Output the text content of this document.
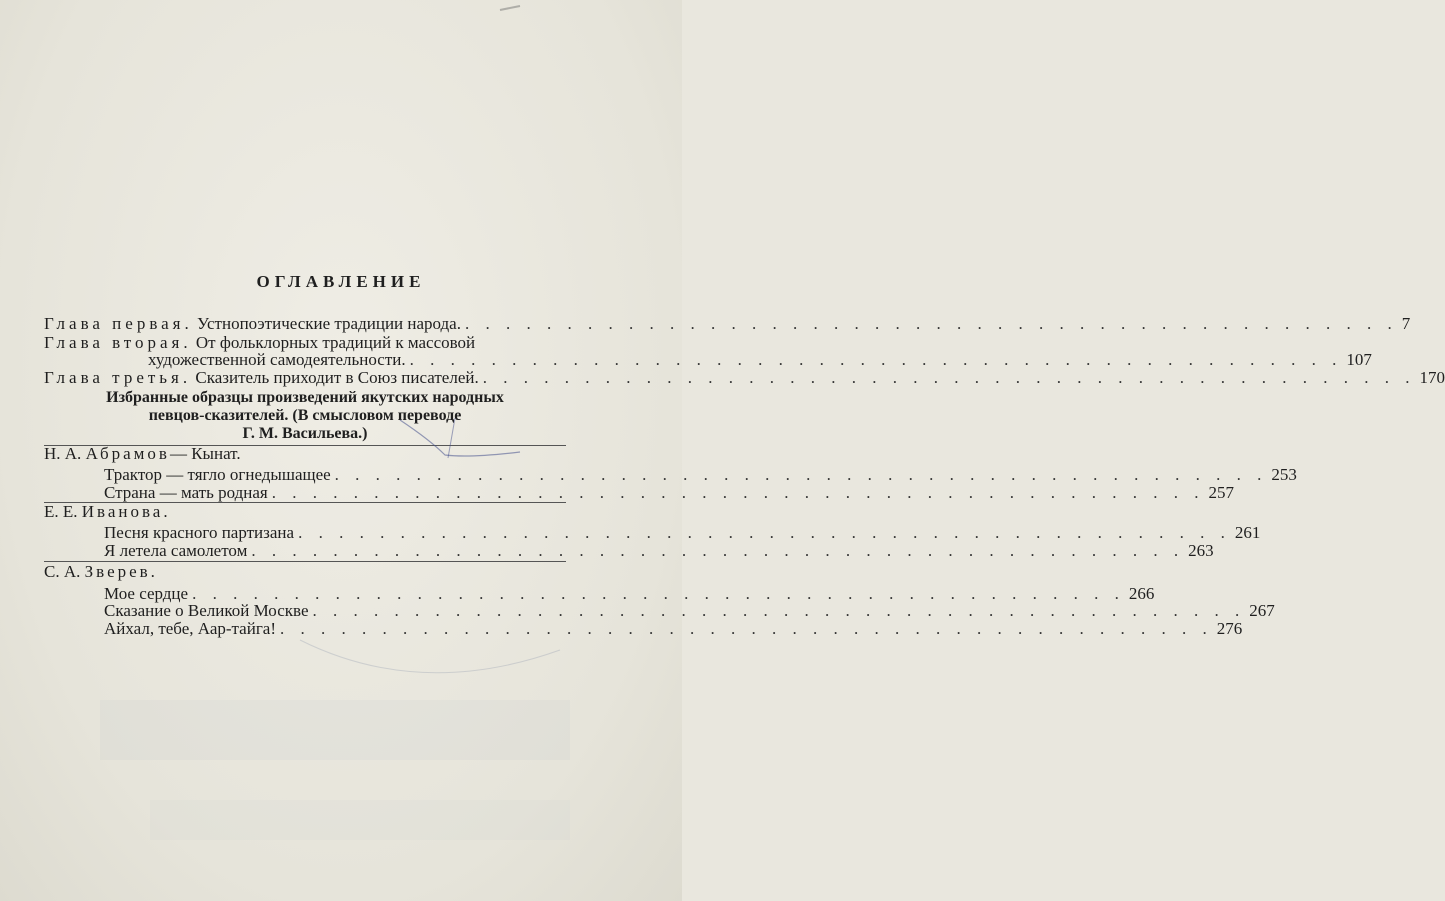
ОГЛАВЛЕНИЕ
Глава первая. Устнопоэтические традиции народа. . . . . . . . . . . . . . . . . . . . . . . . . . . . . . . . . . . . . . . . . . . . . . . 7
Глава вторая. От фольклорных традиций к массовой
художественной самодеятельности. . . . . . . . . . . . . . . . . . . . . . . . . . . . . . . . . . . . . . . . . . . . . . . 107
Глава третья. Сказитель приходит в Союз писателей. . . . . . . . . . . . . . . . . . . . . . . . . . . . . . . . . . . . . . . . . . . . . . . 170
Избранные образцы произведений якутских народных
певцов-сказителей. (В смысловом переводе
Г. М. Васильева.)
Н. А. Абрамов— Кынат.
Трактор — тягло огнедышащее . . . . . . . . . . . . . . . . . . . . . . . . . . . . . . . . . . . . . . . . . . . . . . 253
Страна — мать родная . . . . . . . . . . . . . . . . . . . . . . . . . . . . . . . . . . . . . . . . . . . . . . 257
Е. Е. Иванова.
Песня красного партизана . . . . . . . . . . . . . . . . . . . . . . . . . . . . . . . . . . . . . . . . . . . . . . 261
Я летела самолетом . . . . . . . . . . . . . . . . . . . . . . . . . . . . . . . . . . . . . . . . . . . . . . 263
С. А. Зверев.
Мое сердце . . . . . . . . . . . . . . . . . . . . . . . . . . . . . . . . . . . . . . . . . . . . . . 266
Сказание о Великой Москве . . . . . . . . . . . . . . . . . . . . . . . . . . . . . . . . . . . . . . . . . . . . . . 267
Айхал, тебе, Аар-тайга! . . . . . . . . . . . . . . . . . . . . . . . . . . . . . . . . . . . . . . . . . . . . . . 276
